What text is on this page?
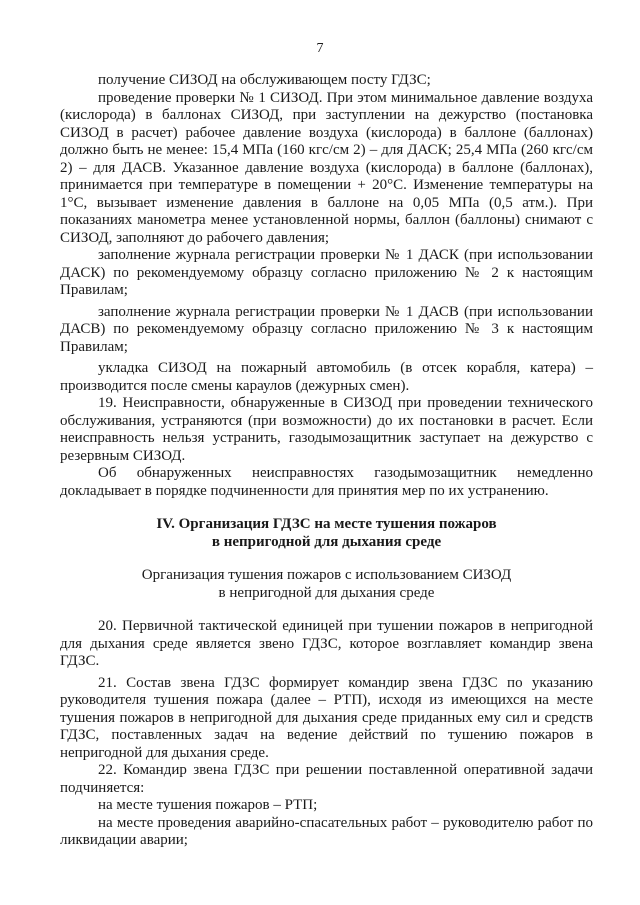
7

получение СИЗОД на обслуживающем посту ГДЗС;

проведение проверки № 1 СИЗОД. При этом минимальное давление воздуха (кислорода) в баллонах СИЗОД, при заступлении на дежурство (постановка СИЗОД в расчет) рабочее давление воздуха (кислорода) в баллоне (баллонах) должно быть не менее: 15,4 МПа (160 кгс/см 2) – для ДАСК; 25,4 МПа (260 кгс/см 2) – для ДАСВ. Указанное давление воздуха (кислорода) в баллоне (баллонах), принимается при температуре в помещении + 20°С. Изменение температуры на 1°С, вызывает изменение давления в баллоне на 0,05 МПа (0,5 атм.). При показаниях манометра менее установленной нормы, баллон (баллоны) снимают с СИЗОД, заполняют до рабочего давления;

заполнение журнала регистрации проверки № 1 ДАСК (при использовании ДАСК) по рекомендуемому образцу согласно приложению № 2 к настоящим Правилам;

заполнение журнала регистрации проверки № 1 ДАСВ (при использовании ДАСВ) по рекомендуемому образцу согласно приложению № 3 к настоящим Правилам;

укладка СИЗОД на пожарный автомобиль (в отсек корабля, катера) – производится после смены караулов (дежурных смен).

19. Неисправности, обнаруженные в СИЗОД при проведении технического обслуживания, устраняются (при возможности) до их постановки в расчет. Если неисправность нельзя устранить, газодымозащитник заступает на дежурство с резервным СИЗОД.

Об обнаруженных неисправностях газодымозащитник немедленно докладывает в порядке подчиненности для принятия мер по их устранению.

IV. Организация ГДЗС на месте тушения пожаров

в непригодной для дыхания среде

Организация тушения пожаров с использованием СИЗОД

в непригодной для дыхания среде

20. Первичной тактической единицей при тушении пожаров в непригодной для дыхания среде является звено ГДЗС, которое возглавляет командир звена ГДЗС.

21. Состав звена ГДЗС формирует командир звена ГДЗС по указанию руководителя тушения пожара (далее – РТП), исходя из имеющихся на месте тушения пожаров в непригодной для дыхания среде приданных ему сил и средств ГДЗС, поставленных задач на ведение действий по тушению пожаров в непригодной для дыхания среде.

22. Командир звена ГДЗС при решении поставленной оперативной задачи подчиняется:

на месте тушения пожаров – РТП;

на месте проведения аварийно-спасательных работ – руководителю работ по ликвидации аварии;
